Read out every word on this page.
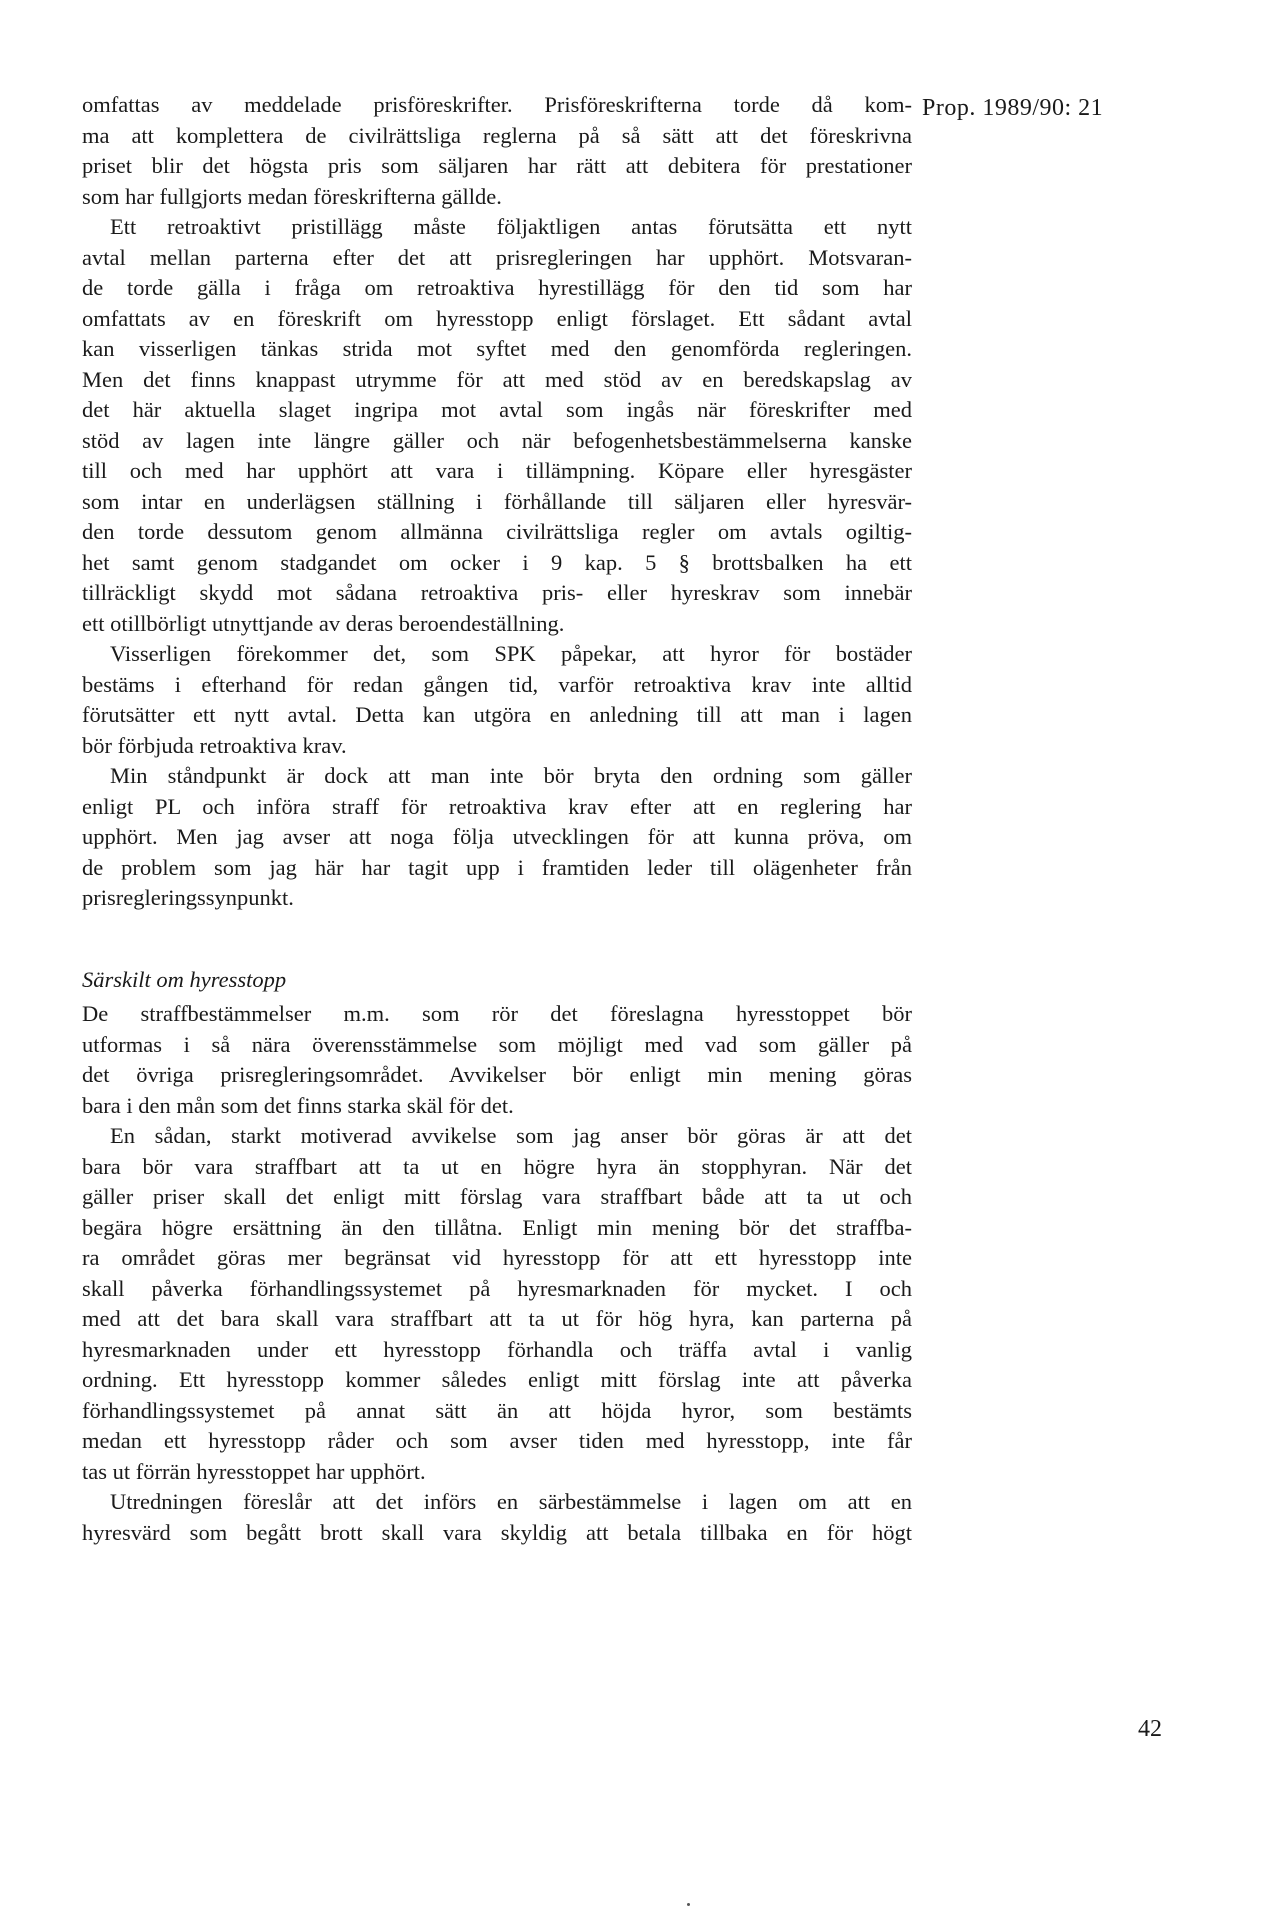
Prop. 1989/90: 21
omfattas av meddelade prisföreskrifter. Prisföreskrifterna torde då kom-
ma att komplettera de civilrättsliga reglerna på så sätt att det föreskrivna
priset blir det högsta pris som säljaren har rätt att debitera för prestationer
som har fullgjorts medan föreskrifterna gällde.
Ett retroaktivt pristillägg måste följaktligen antas förutsätta ett nytt
avtal mellan parterna efter det att prisregleringen har upphört. Motsvaran-
de torde gälla i fråga om retroaktiva hyrestillägg för den tid som har
omfattats av en föreskrift om hyresstopp enligt förslaget. Ett sådant avtal
kan visserligen tänkas strida mot syftet med den genomförda regleringen.
Men det finns knappast utrymme för att med stöd av en beredskapslag av
det här aktuella slaget ingripa mot avtal som ingås när föreskrifter med
stöd av lagen inte längre gäller och när befogenhetsbestämmelserna kanske
till och med har upphört att vara i tillämpning. Köpare eller hyresgäster
som intar en underlägsen ställning i förhållande till säljaren eller hyresvär-
den torde dessutom genom allmänna civilrättsliga regler om avtals ogiltig-
het samt genom stadgandet om ocker i 9 kap. 5 § brottsbalken ha ett
tillräckligt skydd mot sådana retroaktiva pris- eller hyreskrav som innebär
ett otillbörligt utnyttjande av deras beroendeställning.
Visserligen förekommer det, som SPK påpekar, att hyror för bostäder
bestäms i efterhand för redan gången tid, varför retroaktiva krav inte alltid
förutsätter ett nytt avtal. Detta kan utgöra en anledning till att man i lagen
bör förbjuda retroaktiva krav.
Min ståndpunkt är dock att man inte bör bryta den ordning som gäller
enligt PL och införa straff för retroaktiva krav efter att en reglering har
upphört. Men jag avser att noga följa utvecklingen för att kunna pröva, om
de problem som jag här har tagit upp i framtiden leder till olägenheter från
prisregleringssynpunkt.
Särskilt om hyresstopp
De straffbestämmelser m.m. som rör det föreslagna hyresstoppet bör
utformas i så nära överensstämmelse som möjligt med vad som gäller på
det övriga prisregleringsområdet. Avvikelser bör enligt min mening göras
bara i den mån som det finns starka skäl för det.
En sådan, starkt motiverad avvikelse som jag anser bör göras är att det
bara bör vara straffbart att ta ut en högre hyra än stopphyran. När det
gäller priser skall det enligt mitt förslag vara straffbart både att ta ut och
begära högre ersättning än den tillåtna. Enligt min mening bör det straffba-
ra området göras mer begränsat vid hyresstopp för att ett hyresstopp inte
skall påverka förhandlingssystemet på hyresmarknaden för mycket. I och
med att det bara skall vara straffbart att ta ut för hög hyra, kan parterna på
hyresmarknaden under ett hyresstopp förhandla och träffa avtal i vanlig
ordning. Ett hyresstopp kommer således enligt mitt förslag inte att påverka
förhandlingssystemet på annat sätt än att höjda hyror, som bestämts
medan ett hyresstopp råder och som avser tiden med hyresstopp, inte får
tas ut förrän hyresstoppet har upphört.
Utredningen föreslår att det införs en särbestämmelse i lagen om att en
hyresvärd som begått brott skall vara skyldig att betala tillbaka en för högt
42
